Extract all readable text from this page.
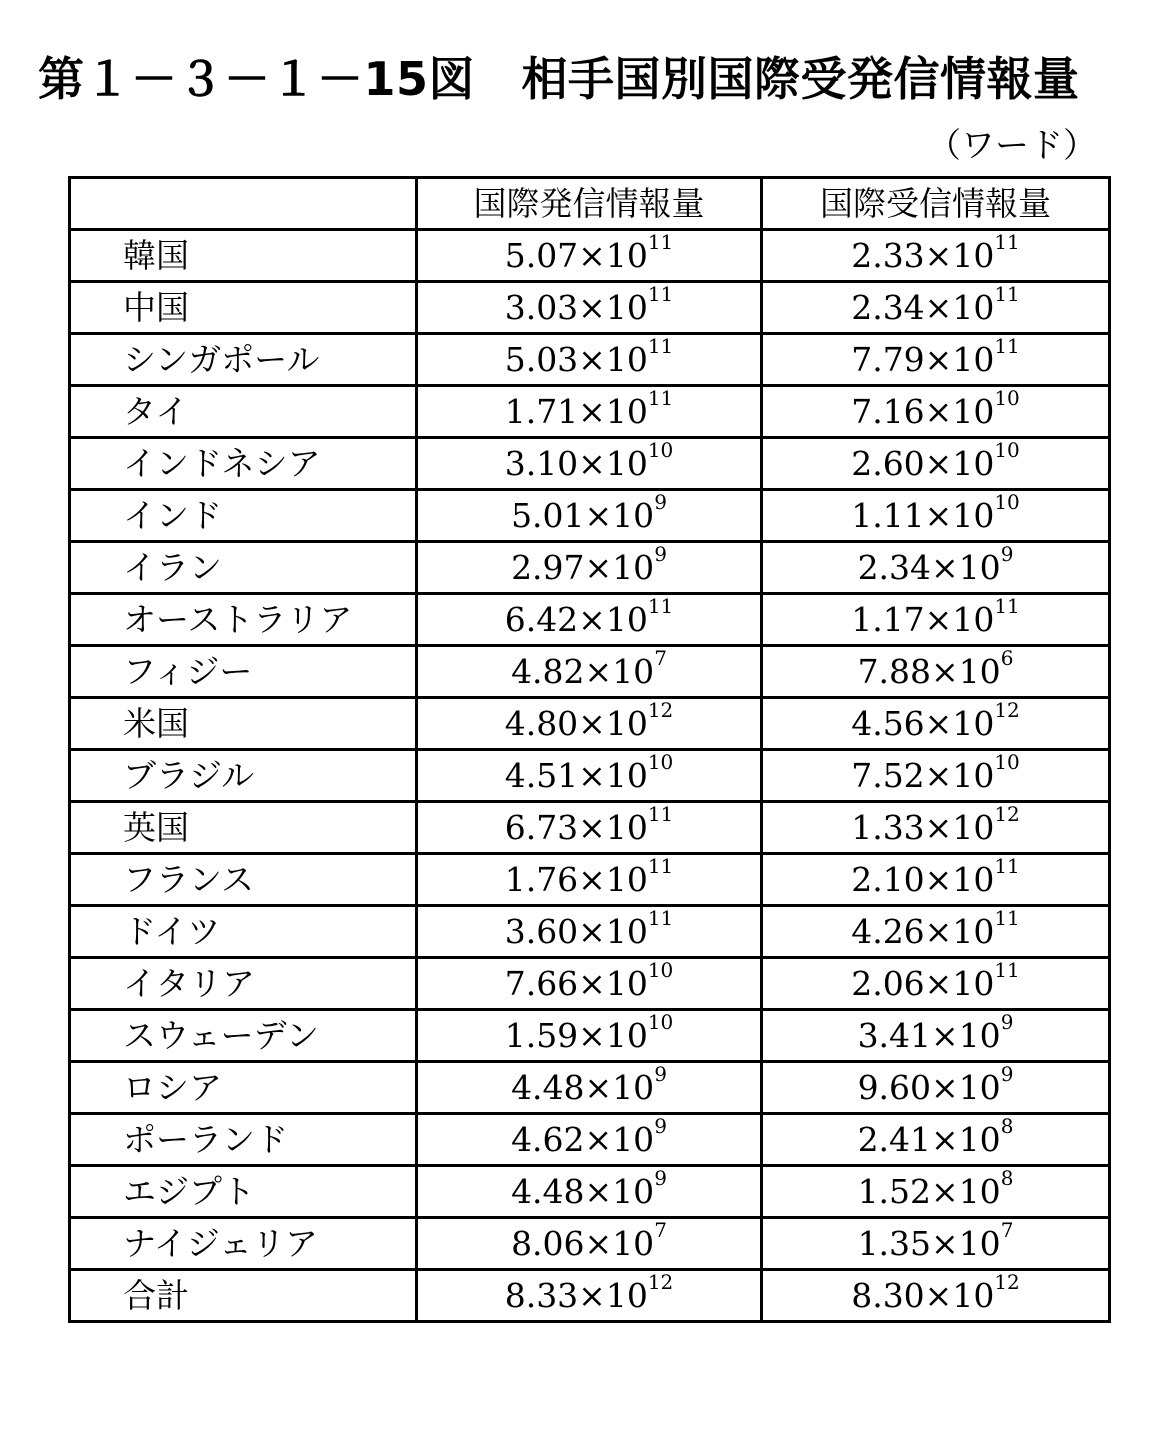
第１－３－１－15図　相手国別国際受発信情報量
（ワード）
	国際発信情報量	国際受信情報量
韓国	$5.07\times 10^{11}$	$2.33\times 10^{11}$
中国	$3.03\times 10^{11}$	$2.34\times 10^{11}$
シンガポール	$5.03\times 10^{11}$	$7.79\times 10^{11}$
タイ	$1.71\times 10^{11}$	$7.16\times 10^{10}$
インドネシア	$3.10\times 10^{10}$	$2.60\times 10^{10}$
インド	$5.01\times 10^9$	$1.11\times 10^{10}$
イラン	$2.97\times 10^9$	$2.34\times 10^9$
オーストラリア	$6.42\times 10^{11}$	$1.17\times 10^{11}$
フィジー	$4.82\times 10^7$	$7.88\times 10^6$
米国	$4.80\times 10^{12}$	$4.56\times 10^{12}$
ブラジル	$4.51\times 10^{10}$	$7.52\times 10^{10}$
英国	$6.73\times 10^{11}$	$1.33\times 10^{12}$
フランス	$1.76\times 10^{11}$	$2.10\times 10^{11}$
ドイツ	$3.60\times 10^{11}$	$4.26\times 10^{11}$
イタリア	$7.66\times 10^{10}$	$2.06\times 10^{11}$
スウェーデン	$1.59\times 10^{10}$	$3.41\times 10^9$
ロシア	$4.48\times 10^9$	$9.60\times 10^9$
ポーランド	$4.62\times 10^9$	$2.41\times 10^8$
エジプト	$4.48\times 10^9$	$1.52\times 10^8$
ナイジェリア	$8.06\times 10^7$	$1.35\times 10^7$
合計	$8.33\times 10^{12}$	$8.30\times 10^{12}$
